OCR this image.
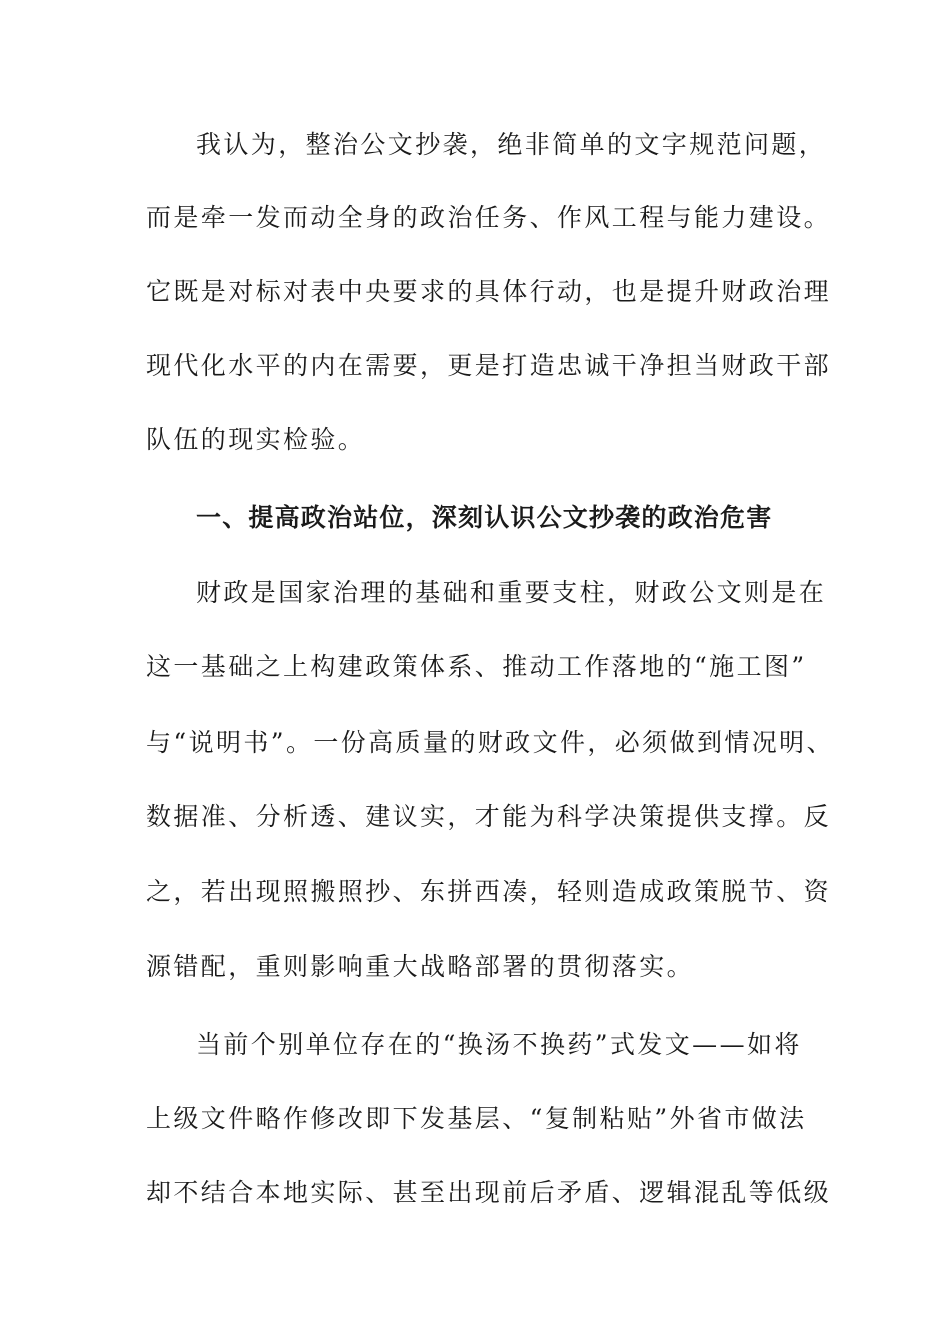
我认为，整治公文抄袭，绝非简单的文字规范问题，

而是牵一发而动全身的政治任务、作风工程与能力建设。

它既是对标对表中央要求的具体行动，也是提升财政治理

现代化水平的内在需要，更是打造忠诚干净担当财政干部

队伍的现实检验。

一、提高政治站位，深刻认识公文抄袭的政治危害

财政是国家治理的基础和重要支柱，财政公文则是在

这一基础之上构建政策体系、推动工作落地的“施工图”

与“说明书”。一份高质量的财政文件，必须做到情况明、

数据准、分析透、建议实，才能为科学决策提供支撑。反

之，若出现照搬照抄、东拼西凑，轻则造成政策脱节、资

源错配，重则影响重大战略部署的贯彻落实。

当前个别单位存在的“换汤不换药”式发文——如将

上级文件略作修改即下发基层、“复制粘贴”外省市做法

却不结合本地实际、甚至出现前后矛盾、逻辑混乱等低级
